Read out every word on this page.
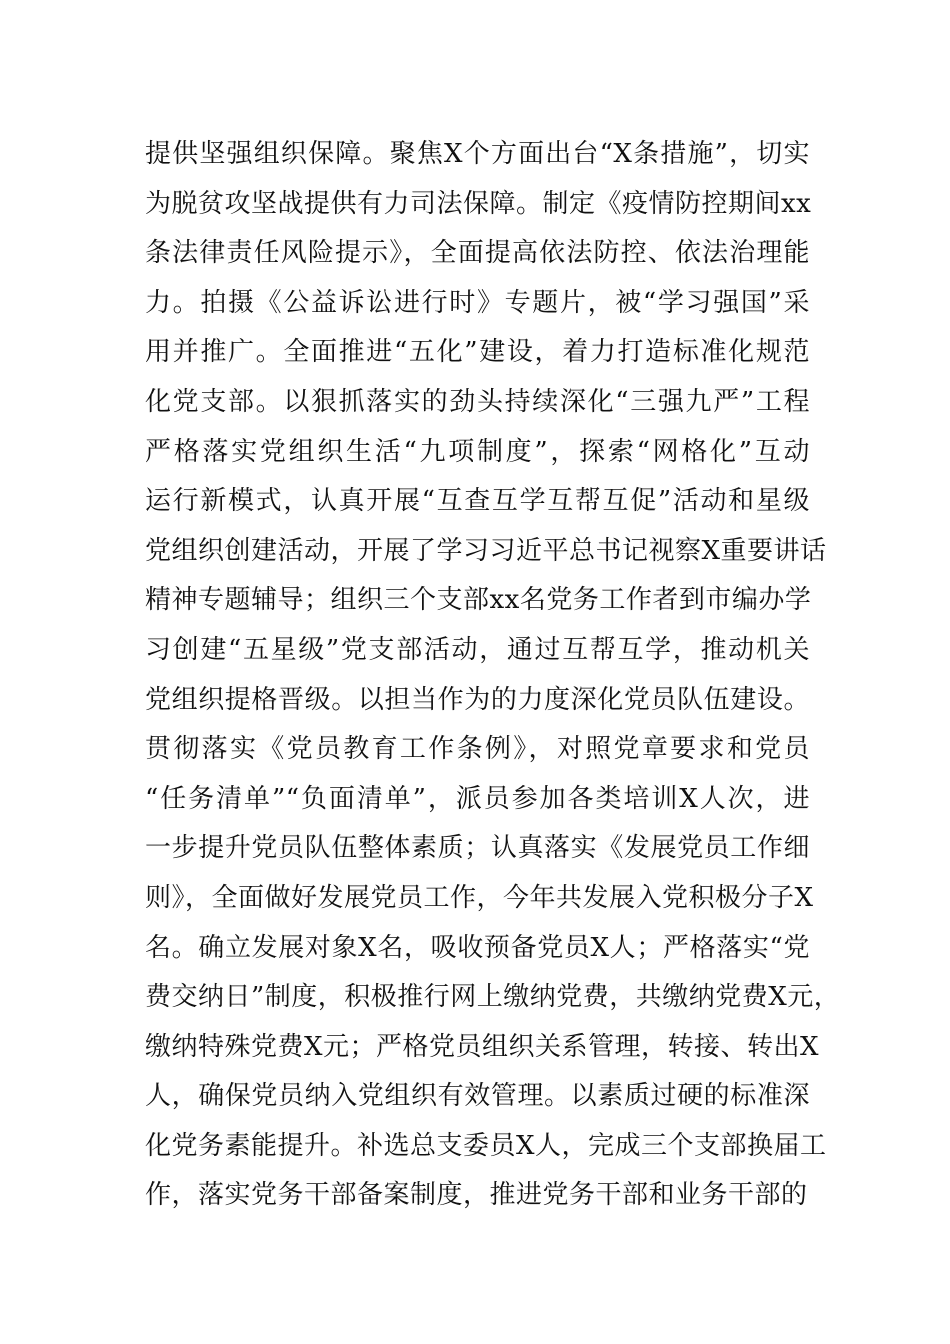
提供坚强组织保障。聚焦X个方面出台“X条措施”，切实
为脱贫攻坚战提供有力司法保障。制定《疫情防控期间xx
条法律责任风险提示》，全面提高依法防控、依法治理能
力。拍摄《公益诉讼进行时》专题片，被“学习强国”采
用并推广。全面推进“五化”建设，着力打造标准化规范
化党支部。以狠抓落实的劲头持续深化“三强九严”工程
严格落实党组织生活“九项制度”，探索“网格化”互动
运行新模式，认真开展“互查互学互帮互促”活动和星级
党组织创建活动，开展了学习习近平总书记视察X重要讲话
精神专题辅导；组织三个支部xx名党务工作者到市编办学
习创建“五星级”党支部活动，通过互帮互学，推动机关
党组织提格晋级。以担当作为的力度深化党员队伍建设。
贯彻落实《党员教育工作条例》，对照党章要求和党员
“任务清单”“负面清单”，派员参加各类培训X人次，进
一步提升党员队伍整体素质；认真落实《发展党员工作细
则》，全面做好发展党员工作，今年共发展入党积极分子X
名。确立发展对象X名，吸收预备党员X人；严格落实“党
费交纳日”制度，积极推行网上缴纳党费，共缴纳党费X元，
缴纳特殊党费X元；严格党员组织关系管理，转接、转出X
人，确保党员纳入党组织有效管理。以素质过硬的标准深
化党务素能提升。补选总支委员X人，完成三个支部换届工
作，落实党务干部备案制度，推进党务干部和业务干部的
